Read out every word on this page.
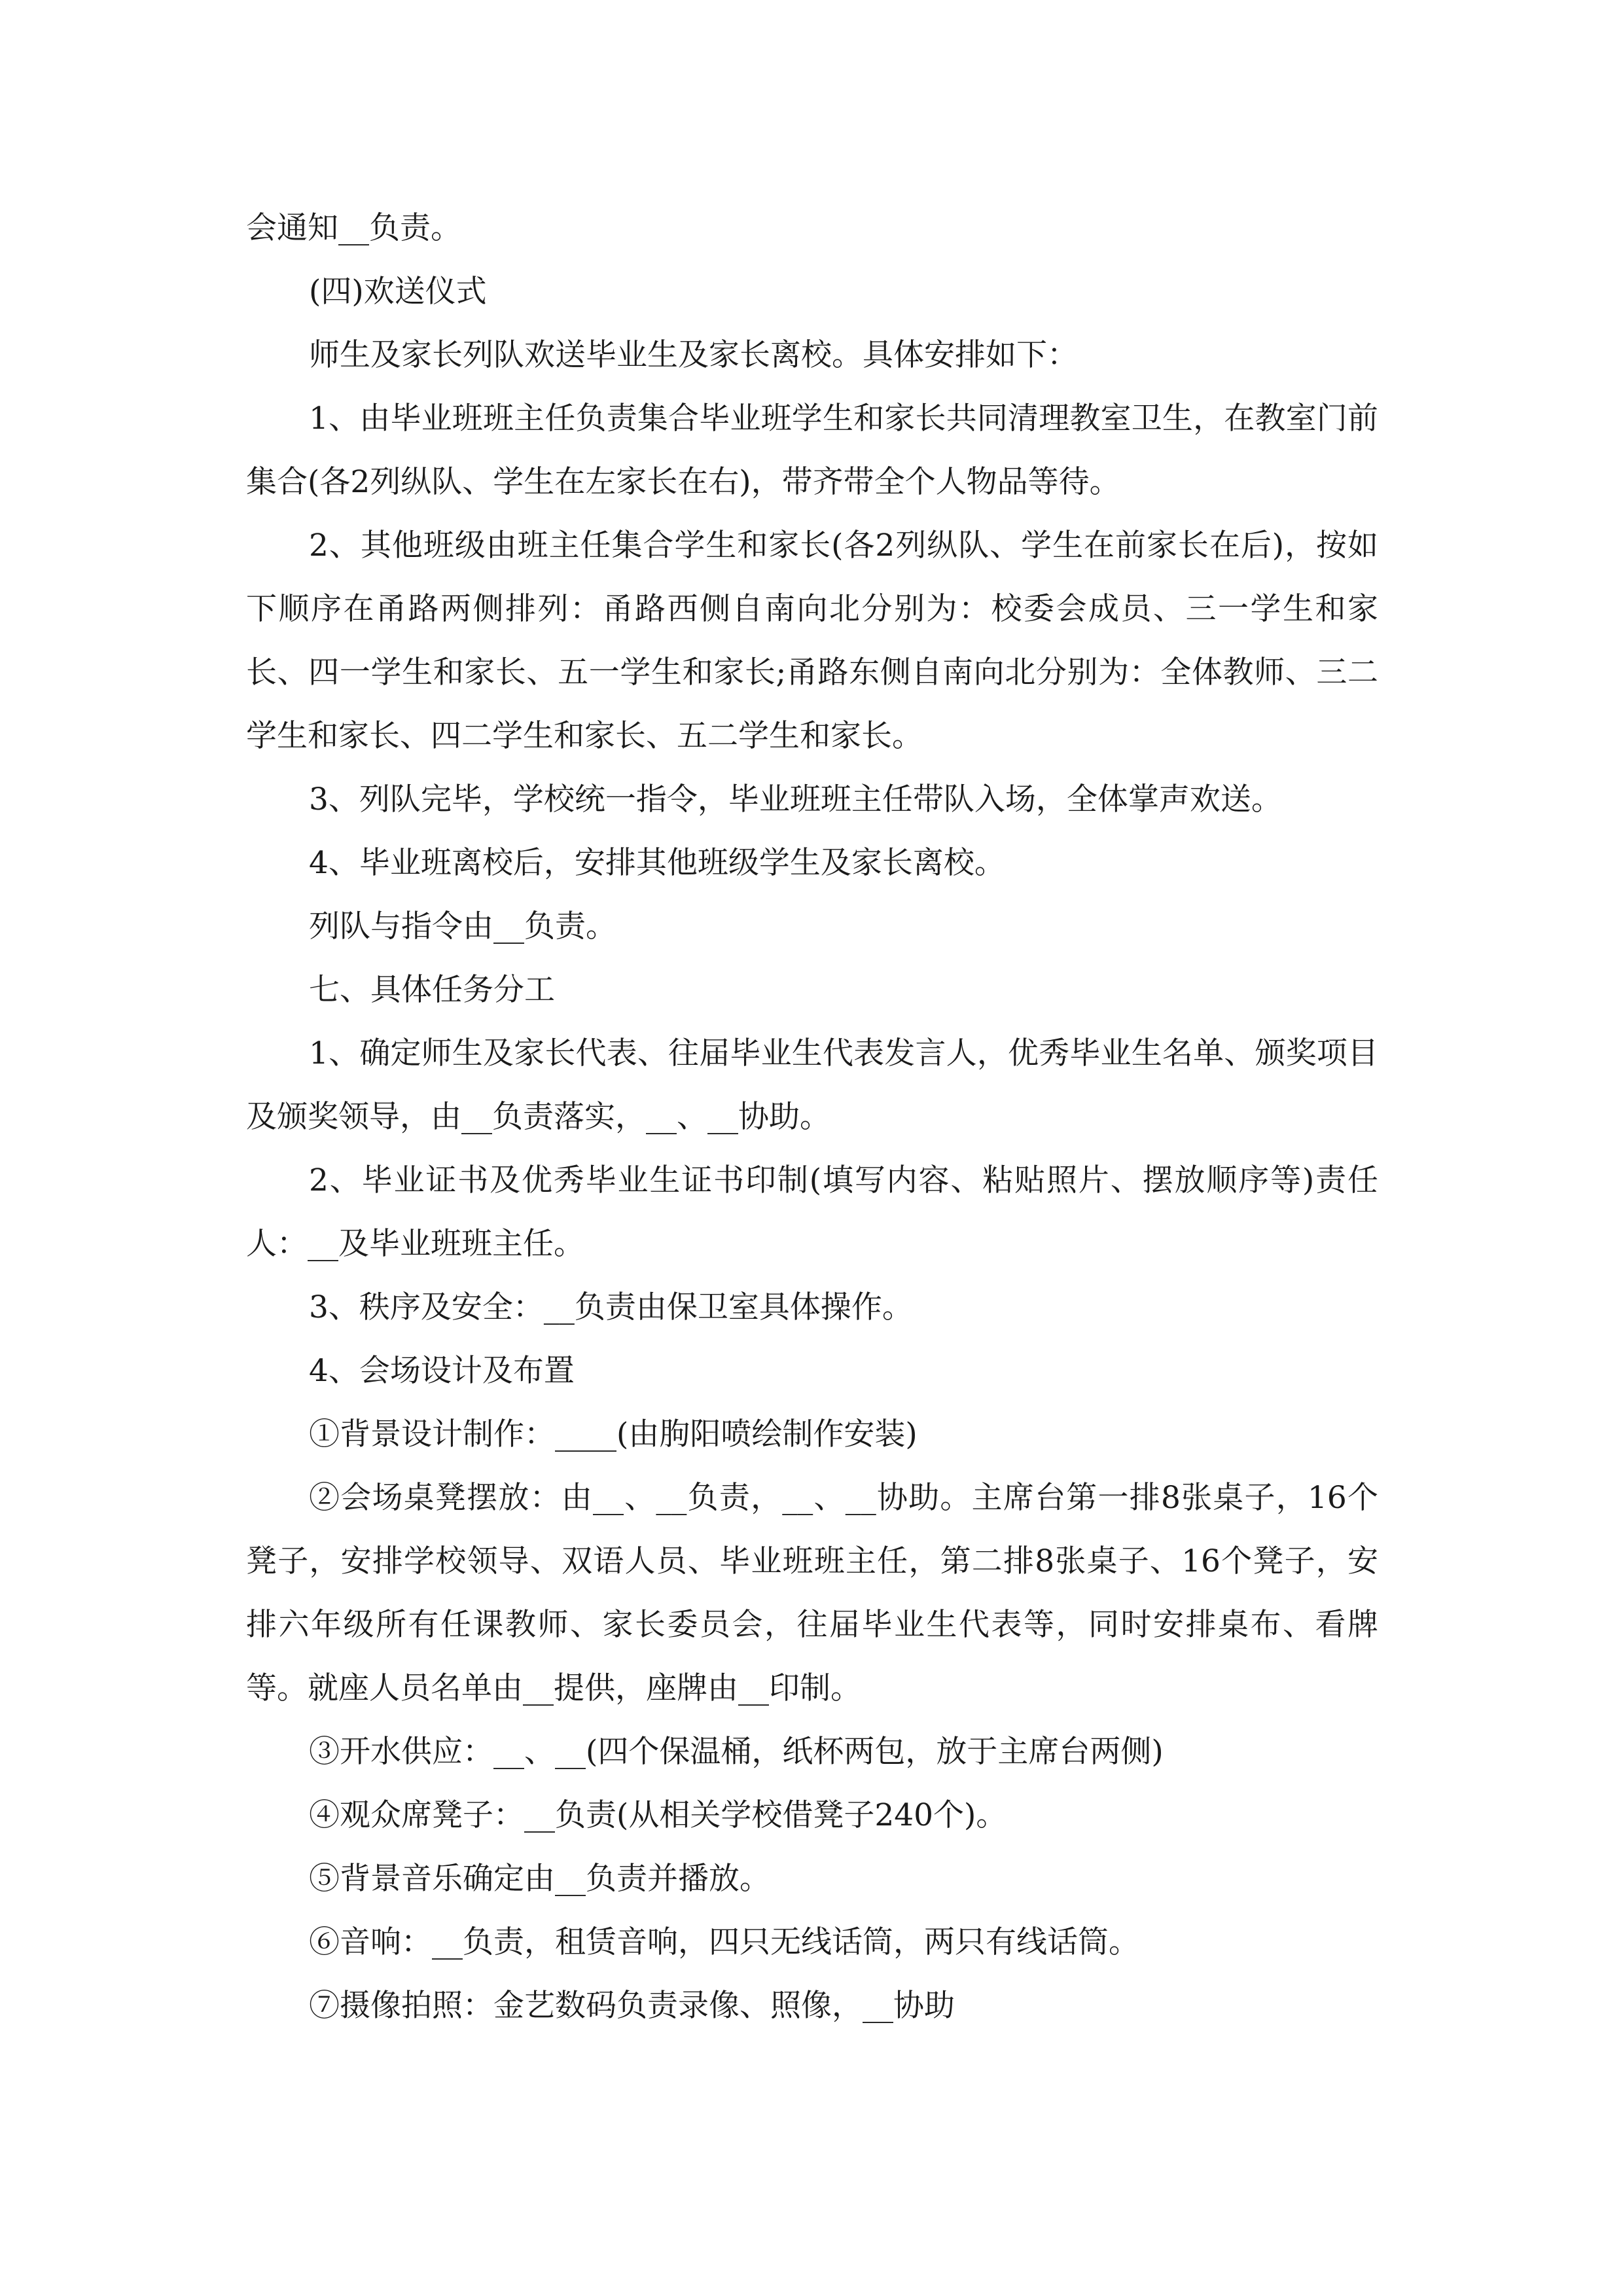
会通知__负责。

(四)欢送仪式

师生及家长列队欢送毕业生及家长离校。具体安排如下：

1、由毕业班班主任负责集合毕业班学生和家长共同清理教室卫生，在教室门前集合(各2列纵队、学生在左家长在右)，带齐带全个人物品等待。

2、其他班级由班主任集合学生和家长(各2列纵队、学生在前家长在后)，按如下顺序在甬路两侧排列：甬路西侧自南向北分别为：校委会成员、三一学生和家长、四一学生和家长、五一学生和家长;甬路东侧自南向北分别为：全体教师、三二学生和家长、四二学生和家长、五二学生和家长。

3、列队完毕，学校统一指令，毕业班班主任带队入场，全体掌声欢送。

4、毕业班离校后，安排其他班级学生及家长离校。

列队与指令由__负责。

七、具体任务分工

1、确定师生及家长代表、往届毕业生代表发言人，优秀毕业生名单、颁奖项目及颁奖领导，由__负责落实，__、__协助。

2、毕业证书及优秀毕业生证书印制(填写内容、粘贴照片、摆放顺序等)责任人：__及毕业班班主任。

3、秩序及安全：__负责由保卫室具体操作。

4、会场设计及布置

①背景设计制作：____(由朐阳喷绘制作安装)

②会场桌凳摆放：由__、__负责，__、__协助。主席台第一排8张桌子，16个凳子，安排学校领导、双语人员、毕业班班主任，第二排8张桌子、16个凳子，安排六年级所有任课教师、家长委员会，往届毕业生代表等，同时安排桌布、看牌等。就座人员名单由__提供，座牌由__印制。

③开水供应：__、__(四个保温桶，纸杯两包，放于主席台两侧)

④观众席凳子：__负责(从相关学校借凳子240个)。

⑤背景音乐确定由__负责并播放。

⑥音响：__负责，租赁音响，四只无线话筒，两只有线话筒。

⑦摄像拍照：金艺数码负责录像、照像，__协助
